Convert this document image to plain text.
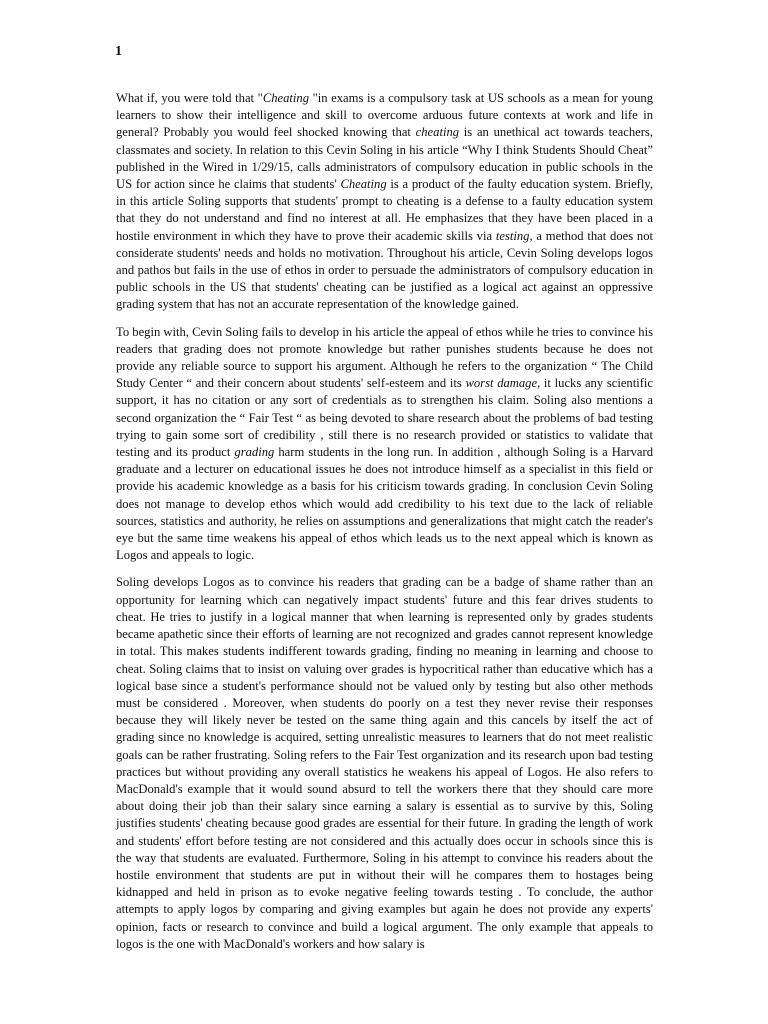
1

What if, you were told that "Cheating "in exams is a compulsory task at US schools as a mean for young learners to show their intelligence and skill to overcome arduous future contexts at work and life in general? Probably you would feel shocked knowing that cheating is an unethical act towards teachers, classmates and society. In relation to this Cevin Soling in his article “Why I think Students Should Cheat” published in the Wired in 1/29/15, calls administrators of compulsory education in public schools in the US for action since he claims that students' Cheating is a product of the faulty education system. Briefly, in this article Soling supports that students' prompt to cheating is a defense to a faulty education system that they do not understand and find no interest at all. He emphasizes that they have been placed in a hostile environment in which they have to prove their academic skills via testing, a method that does not considerate students' needs and holds no motivation. Throughout his article, Cevin Soling develops logos and pathos but fails in the use of ethos in order to persuade the administrators of compulsory education in public schools in the US that students' cheating can be justified as a logical act against an oppressive grading system that has not an accurate representation of the knowledge gained.

To begin with, Cevin Soling fails to develop in his article the appeal of ethos while he tries to convince his readers that grading does not promote knowledge but rather punishes students because he does not provide any reliable source to support his argument. Although he refers to the organization “ The Child Study Center “ and their concern about students' self-esteem and its worst damage, it lucks any scientific support, it has no citation or any sort of credentials as to strengthen his claim. Soling also mentions a second organization the “ Fair Test “ as being devoted to share research about the problems of bad testing trying to gain some sort of credibility , still there is no research provided or statistics to validate that testing and its product grading harm students in the long run. In addition , although Soling is a Harvard graduate and a lecturer on educational issues he does not introduce himself as a specialist in this field or provide his academic knowledge as a basis for his criticism towards grading. In conclusion Cevin Soling does not manage to develop ethos which would add credibility to his text due to the lack of reliable sources, statistics and authority, he relies on assumptions and generalizations that might catch the reader's eye but the same time weakens his appeal of ethos which leads us to the next appeal which is known as Logos and appeals to logic.

Soling develops Logos as to convince his readers that grading can be a badge of shame rather than an opportunity for learning which can negatively impact students' future and this fear drives students to cheat. He tries to justify in a logical manner that when learning is represented only by grades students became apathetic since their efforts of learning are not recognized and grades cannot represent knowledge in total. This makes students indifferent towards grading, finding no meaning in learning and choose to cheat. Soling claims that to insist on valuing over grades is hypocritical rather than educative which has a logical base since a student's performance should not be valued only by testing but also other methods must be considered . Moreover, when students do poorly on a test they never revise their responses because they will likely never be tested on the same thing again and this cancels by itself the act of grading since no knowledge is acquired, setting unrealistic measures to learners that do not meet realistic goals can be rather frustrating. Soling refers to the Fair Test organization and its research upon bad testing practices but without providing any overall statistics he weakens his appeal of Logos. He also refers to MacDonald's example that it would sound absurd to tell the workers there that they should care more about doing their job than their salary since earning a salary is essential as to survive by this, Soling justifies students' cheating because good grades are essential for their future. In grading the length of work and students' effort before testing are not considered and this actually does occur in schools since this is the way that students are evaluated. Furthermore, Soling in his attempt to convince his readers about the hostile environment that students are put in without their will he compares them to hostages being kidnapped and held in prison as to evoke negative feeling towards testing . To conclude, the author attempts to apply logos by comparing and giving examples but again he does not provide any experts' opinion, facts or research to convince and build a logical argument. The only example that appeals to logos is the one with MacDonald's workers and how salary is
